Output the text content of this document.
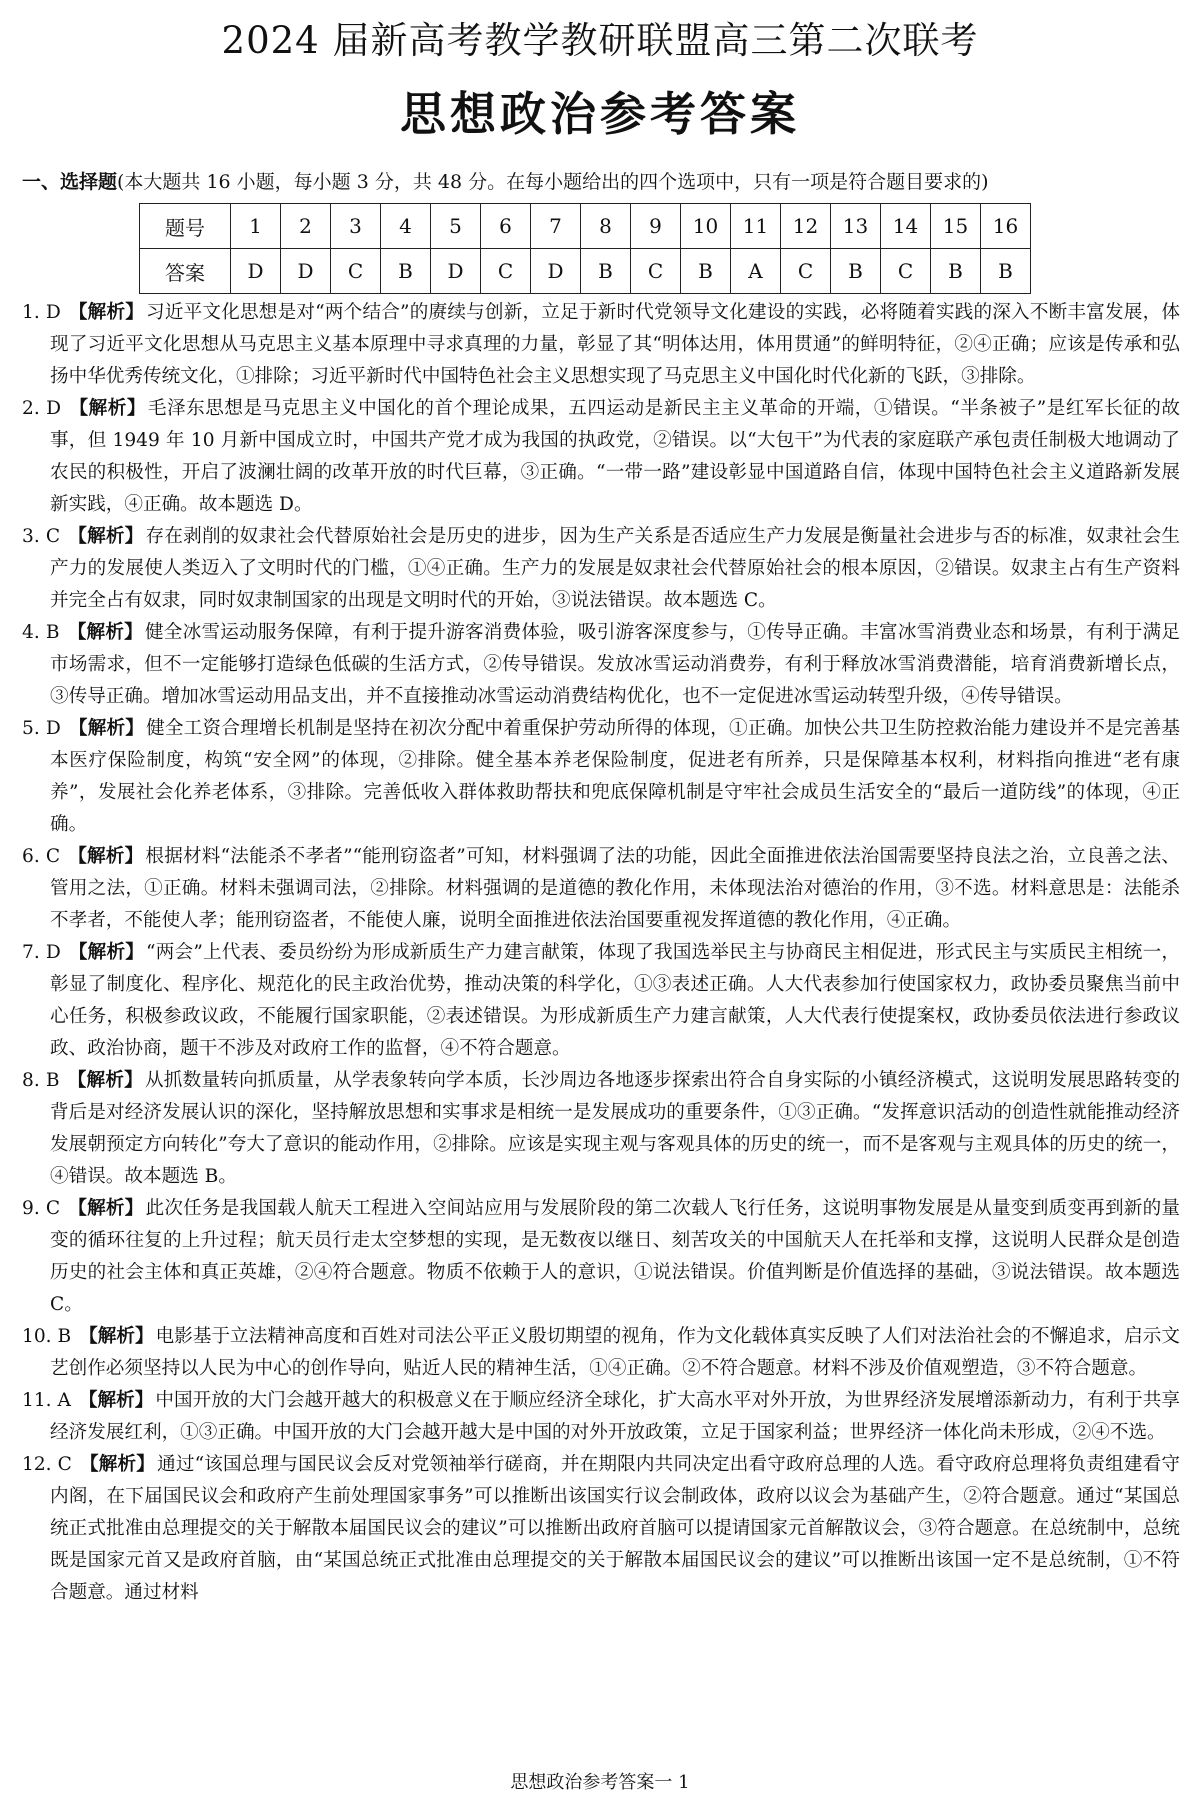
2024 届新高考教学教研联盟高三第二次联考
思想政治参考答案
一、选择题(本大题共 16 小题，每小题 3 分，共 48 分。在每小题给出的四个选项中，只有一项是符合题目要求的)
题号	1	2	3	4	5	6	7	8	9	10	11	12	13	14	15	16
答案	D	D	C	B	D	C	D	B	C	B	A	C	B	C	B	B

1. D 【解析】 习近平文化思想是对“两个结合”的赓续与创新，立足于新时代党领导文化建设的实践，必将随着实践的深入不断丰富发展，体现了习近平文化思想从马克思主义基本原理中寻求真理的力量，彰显了其“明体达用，体用贯通”的鲜明特征，②④正确；应该是传承和弘扬中华优秀传统文化，①排除；习近平新时代中国特色社会主义思想实现了马克思主义中国化时代化新的飞跃，③排除。

2. D 【解析】 毛泽东思想是马克思主义中国化的首个理论成果，五四运动是新民主主义革命的开端，①错误。“半条被子”是红军长征的故事，但 1949 年 10 月新中国成立时，中国共产党才成为我国的执政党，②错误。以“大包干”为代表的家庭联产承包责任制极大地调动了农民的积极性，开启了波澜壮阔的改革开放的时代巨幕，③正确。“一带一路”建设彰显中国道路自信，体现中国特色社会主义道路新发展新实践，④正确。故本题选 D。

3. C 【解析】 存在剥削的奴隶社会代替原始社会是历史的进步，因为生产关系是否适应生产力发展是衡量社会进步与否的标准，奴隶社会生产力的发展使人类迈入了文明时代的门槛，①④正确。生产力的发展是奴隶社会代替原始社会的根本原因，②错误。奴隶主占有生产资料并完全占有奴隶，同时奴隶制国家的出现是文明时代的开始，③说法错误。故本题选 C。

4. B 【解析】 健全冰雪运动服务保障，有利于提升游客消费体验，吸引游客深度参与，①传导正确。丰富冰雪消费业态和场景，有利于满足市场需求，但不一定能够打造绿色低碳的生活方式，②传导错误。发放冰雪运动消费券，有利于释放冰雪消费潜能，培育消费新增长点，③传导正确。增加冰雪运动用品支出，并不直接推动冰雪运动消费结构优化，也不一定促进冰雪运动转型升级，④传导错误。

5. D 【解析】 健全工资合理增长机制是坚持在初次分配中着重保护劳动所得的体现，①正确。加快公共卫生防控救治能力建设并不是完善基本医疗保险制度，构筑“安全网”的体现，②排除。健全基本养老保险制度，促进老有所养，只是保障基本权利，材料指向推进“老有康养”，发展社会化养老体系，③排除。完善低收入群体救助帮扶和兜底保障机制是守牢社会成员生活安全的“最后一道防线”的体现，④正确。

6. C 【解析】 根据材料“法能杀不孝者”“能刑窃盗者”可知，材料强调了法的功能，因此全面推进依法治国需要坚持良法之治，立良善之法、管用之法，①正确。材料未强调司法，②排除。材料强调的是道德的教化作用，未体现法治对德治的作用，③不选。材料意思是：法能杀不孝者，不能使人孝；能刑窃盗者，不能使人廉，说明全面推进依法治国要重视发挥道德的教化作用，④正确。

7. D 【解析】 “两会”上代表、委员纷纷为形成新质生产力建言献策，体现了我国选举民主与协商民主相促进，形式民主与实质民主相统一，彰显了制度化、程序化、规范化的民主政治优势，推动决策的科学化，①③表述正确。人大代表参加行使国家权力，政协委员聚焦当前中心任务，积极参政议政，不能履行国家职能，②表述错误。为形成新质生产力建言献策，人大代表行使提案权，政协委员依法进行参政议政、政治协商，题干不涉及对政府工作的监督，④不符合题意。

8. B 【解析】 从抓数量转向抓质量，从学表象转向学本质，长沙周边各地逐步探索出符合自身实际的小镇经济模式，这说明发展思路转变的背后是对经济发展认识的深化，坚持解放思想和实事求是相统一是发展成功的重要条件，①③正确。“发挥意识活动的创造性就能推动经济发展朝预定方向转化”夸大了意识的能动作用，②排除。应该是实现主观与客观具体的历史的统一，而不是客观与主观具体的历史的统一，④错误。故本题选 B。

9. C 【解析】 此次任务是我国载人航天工程进入空间站应用与发展阶段的第二次载人飞行任务，这说明事物发展是从量变到质变再到新的量变的循环往复的上升过程；航天员行走太空梦想的实现，是无数夜以继日、刻苦攻关的中国航天人在托举和支撑，这说明人民群众是创造历史的社会主体和真正英雄，②④符合题意。物质不依赖于人的意识，①说法错误。价值判断是价值选择的基础，③说法错误。故本题选 C。

10. B 【解析】 电影基于立法精神高度和百姓对司法公平正义殷切期望的视角，作为文化载体真实反映了人们对法治社会的不懈追求，启示文艺创作必须坚持以人民为中心的创作导向，贴近人民的精神生活，①④正确。②不符合题意。材料不涉及价值观塑造，③不符合题意。

11. A 【解析】 中国开放的大门会越开越大的积极意义在于顺应经济全球化，扩大高水平对外开放，为世界经济发展增添新动力，有利于共享经济发展红利，①③正确。中国开放的大门会越开越大是中国的对外开放政策，立足于国家利益；世界经济一体化尚未形成，②④不选。

12. C 【解析】 通过“该国总理与国民议会反对党领袖举行磋商，并在期限内共同决定出看守政府总理的人选。看守政府总理将负责组建看守内阁，在下届国民议会和政府产生前处理国家事务”可以推断出该国实行议会制政体，政府以议会为基础产生，②符合题意。通过“某国总统正式批准由总理提交的关于解散本届国民议会的建议”可以推断出政府首脑可以提请国家元首解散议会，③符合题意。在总统制中，总统既是国家元首又是政府首脑，由“某国总统正式批准由总理提交的关于解散本届国民议会的建议”可以推断出该国一定不是总统制，①不符合题意。通过材料

思想政治参考答案一 1
